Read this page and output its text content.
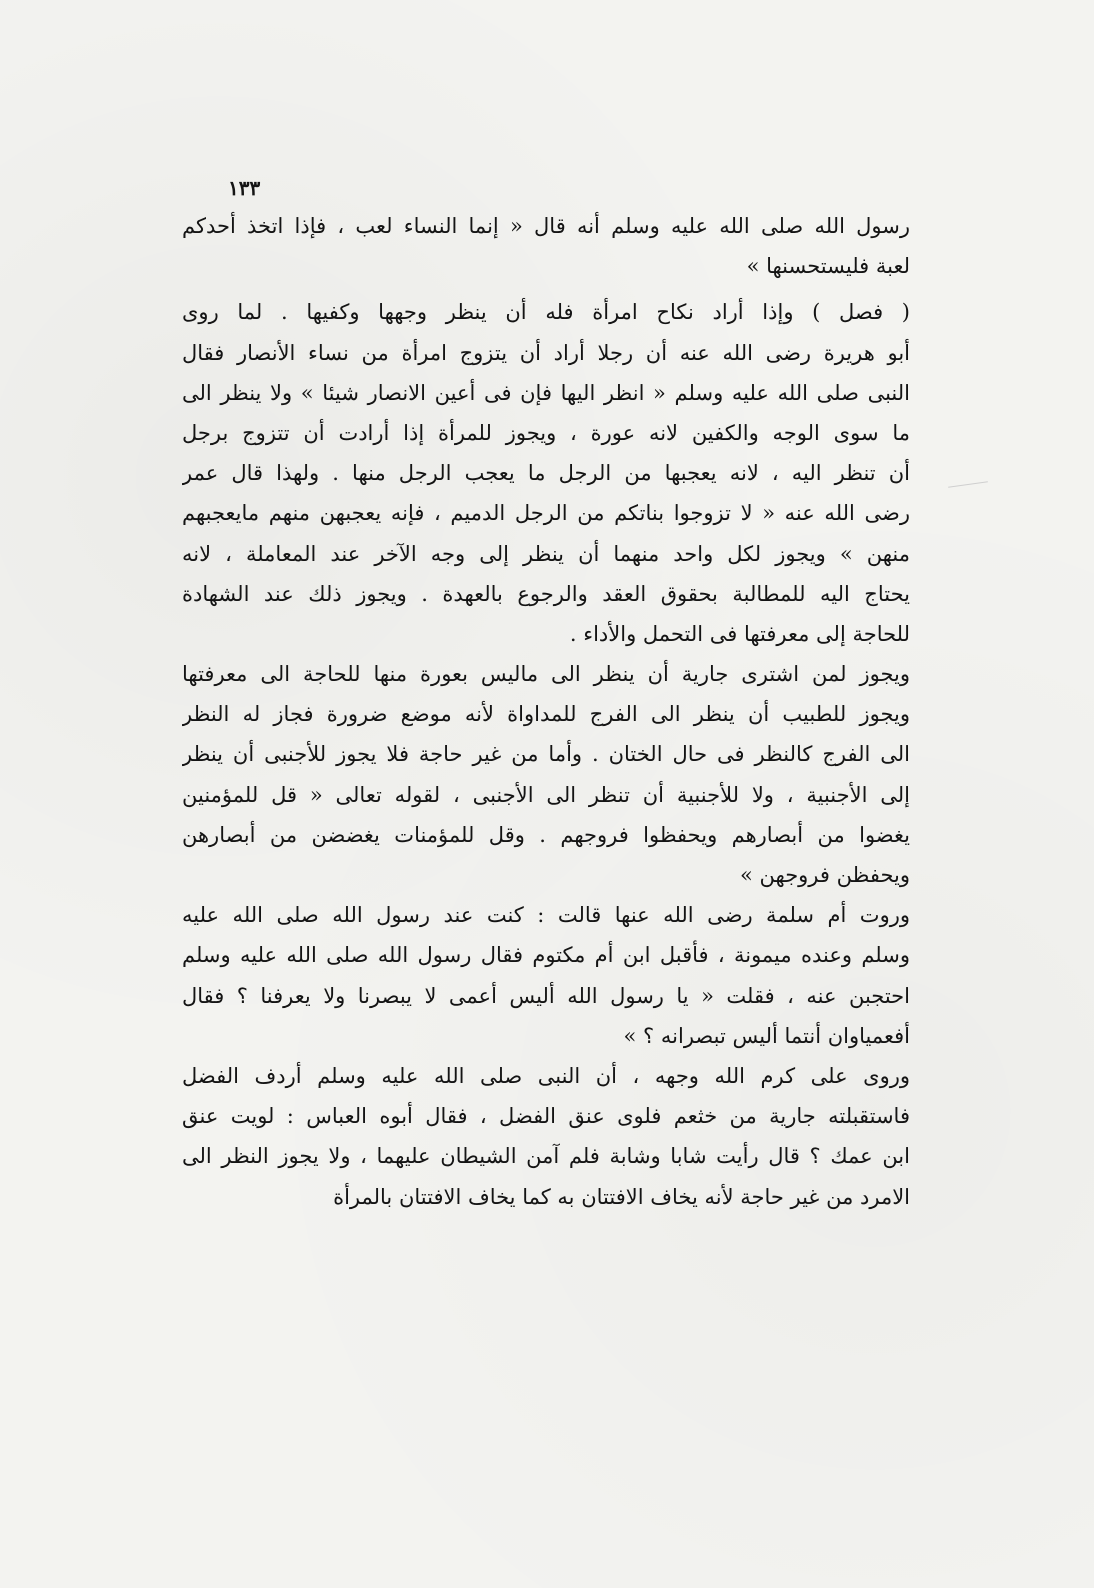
١٣٣
رسول الله صلى الله عليه وسلم أنه قال « إنما النساء لعب ، فإذا اتخذ أحدكم
لعبة فليستحسنها »
( فصل ) وإذا أراد نكاح امرأة فله أن ينظر وجهها وكفيها . لما روى
أبو هريرة رضى الله عنه أن رجلا أراد أن يتزوج امرأة من نساء الأنصار فقال
النبى صلى الله عليه وسلم « انظر اليها فإن فى أعين الانصار شيئا » ولا ينظر الى
ما سوى الوجه والكفين لانه عورة ، ويجوز للمرأة إذا أرادت أن تتزوج برجل
أن تنظر اليه ، لانه يعجبها من الرجل ما يعجب الرجل منها . ولهذا قال عمر
رضى الله عنه « لا تزوجوا بناتكم من الرجل الدميم ، فإنه يعجبهن منهم مايعجبهم
منهن » ويجوز لكل واحد منهما أن ينظر إلى وجه الآخر عند المعاملة ، لانه
يحتاج اليه للمطالبة بحقوق العقد والرجوع بالعهدة . ويجوز ذلك عند الشهادة
للحاجة إلى معرفتها فى التحمل والأداء .
ويجوز لمن اشترى جارية أن ينظر الى ماليس بعورة منها للحاجة الى معرفتها
ويجوز للطبيب أن ينظر الى الفرج للمداواة لأنه موضع ضرورة فجاز له النظر
الى الفرج كالنظر فى حال الختان . وأما من غير حاجة فلا يجوز للأجنبى أن ينظر
إلى الأجنبية ، ولا للأجنبية أن تنظر الى الأجنبى ، لقوله تعالى « قل للمؤمنين
يغضوا من أبصارهم ويحفظوا فروجهم . وقل للمؤمنات يغضضن من أبصارهن
ويحفظن فروجهن »
وروت أم سلمة رضى الله عنها قالت : كنت عند رسول الله صلى الله عليه
وسلم وعنده ميمونة ، فأقبل ابن أم مكتوم فقال رسول الله صلى الله عليه وسلم
احتجبن عنه ، فقلت « يا رسول الله أليس أعمى لا يبصرنا ولا يعرفنا ؟ فقال
أفعمياوان أنتما أليس تبصرانه ؟ »
وروى على كرم الله وجهه ، أن النبى صلى الله عليه وسلم أردف الفضل
فاستقبلته جارية من خثعم فلوى عنق الفضل ، فقال أبوه العباس : لويت عنق
ابن عمك ؟ قال رأيت شابا وشابة فلم آمن الشيطان عليهما ، ولا يجوز النظر الى
الامرد من غير حاجة لأنه يخاف الافتتان به كما يخاف الافتتان بالمرأة
